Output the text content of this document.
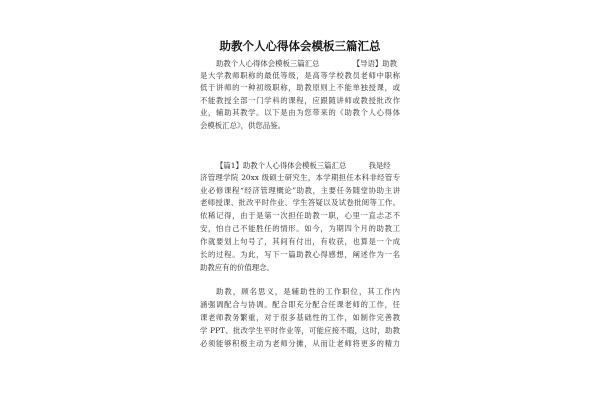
助教个人心得体会模板三篇汇总
助教个人心得体会模板三篇汇总　　　　　【导语】助教
是大学教师职称的最低等级，是高等学校教员老师中职称
低于讲师的一种初级职称，助教原则上不能单独授课，或
不能教授全部一门学科的课程，应跟随讲师或教授批改作
业，辅助其教学。以下是由为您带来的《助教个人心得体
会模板汇总》，供您品鉴。
【篇1】助教个人心得体会模板三篇汇总　　　我是经
济管理学院 20xx 级硕士研究生，本学期担任本科非经管专
业必修课程“经济管理概论”助教，主要任务随堂协助主讲
老师授课、批改平时作业、学生答疑以及试卷批阅等工作。
依稀记得，由于是第一次担任助教一职，心里一直忐忑不
安，怕自己不能胜任的情形。如今，为期四个月的助教工
作就要划上句号了，其间有付出，有收获，也算是一个成
长的过程。为此，写下一篇助教心得感想，阐述作为一名
助教应有的价值理念。
助教，顾名思义，是辅助性的工作职位，其工作内
涵强调配合与协调。配合即充分配合任课老师的工作，任
课老师教务繁重，对于很多基础性的工作，如制作完善教
学 PPT、批改学生平时作业等，可能应接不暇，这时，助教
必须能够积极主动为老师分摊，从而让老师将更多的精力
